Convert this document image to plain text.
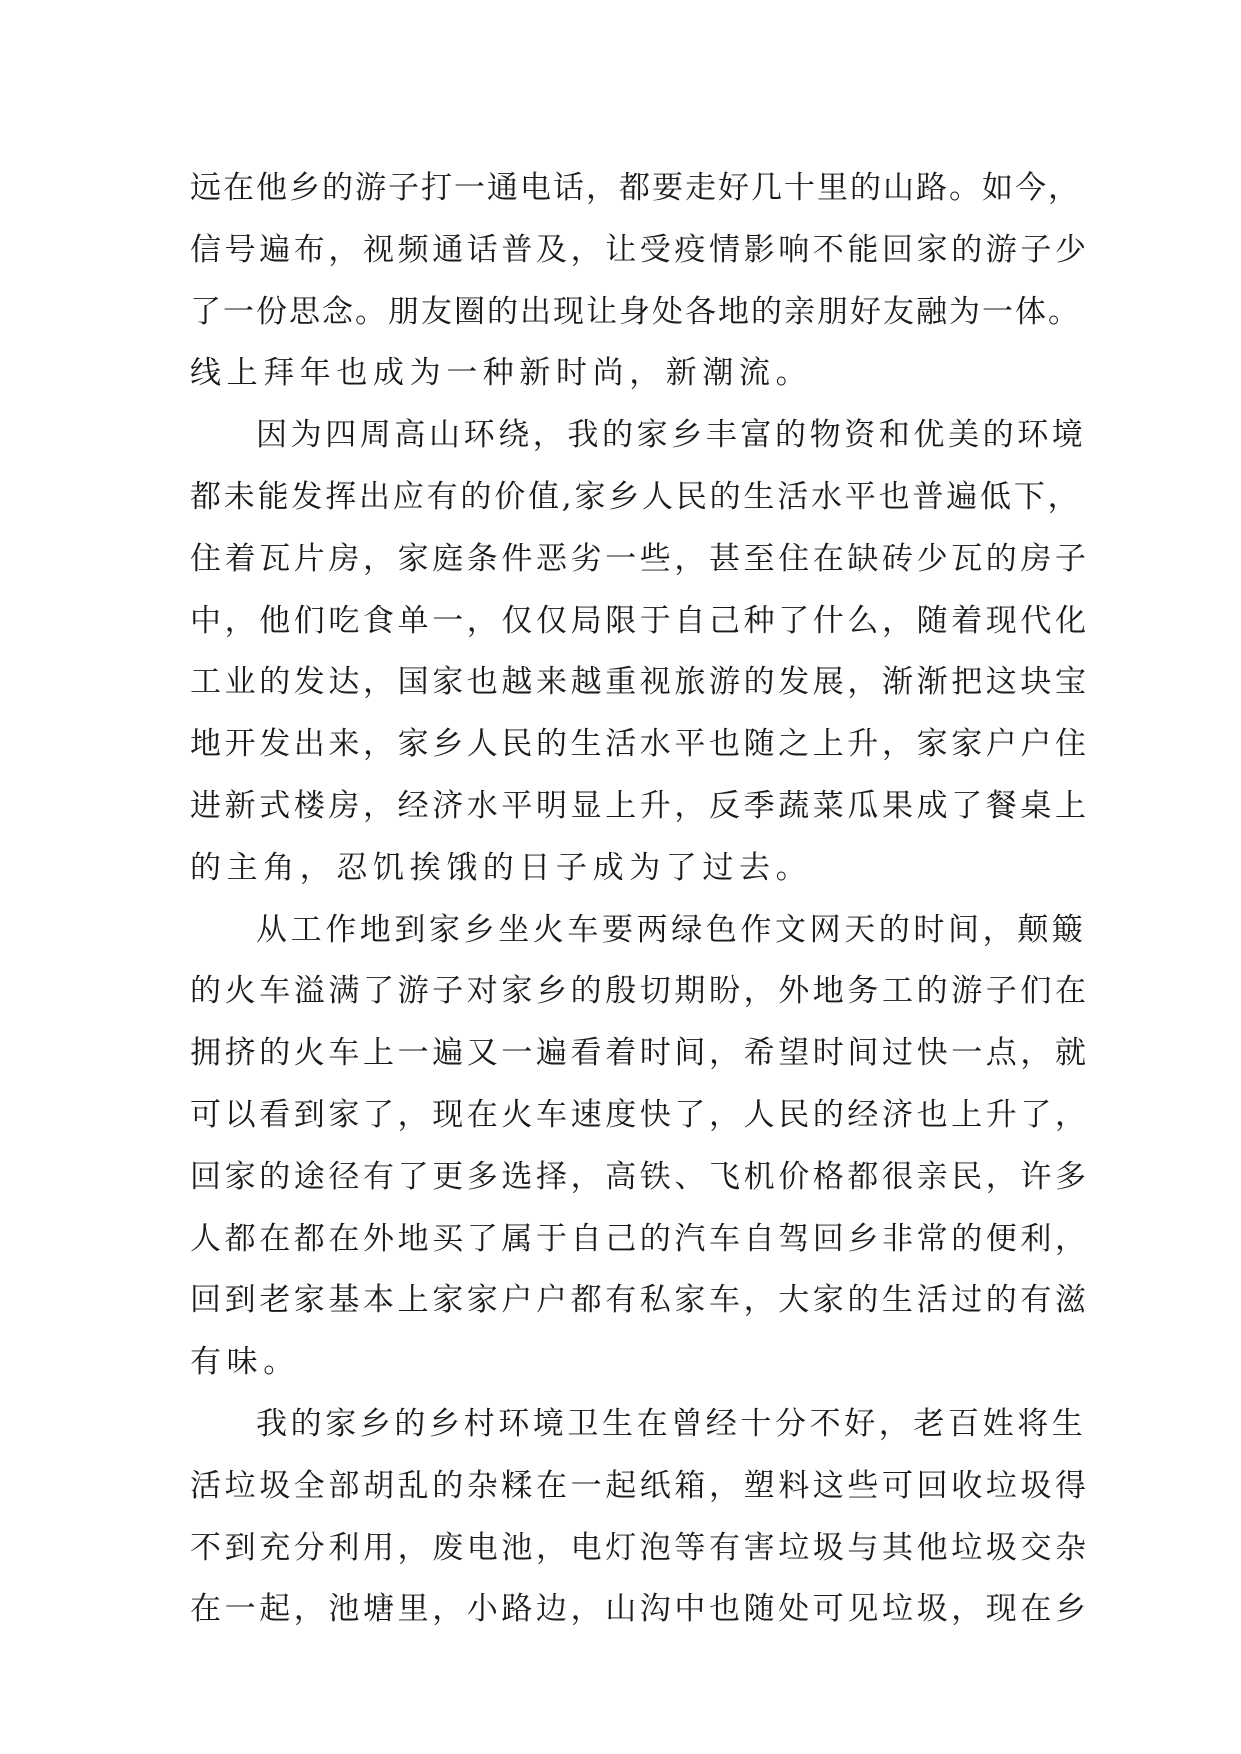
远在他乡的游子打一通电话，都要走好几十里的山路。如今，
信号遍布，视频通话普及，让受疫情影响不能回家的游子少
了一份思念。朋友圈的出现让身处各地的亲朋好友融为一体。
线上拜年也成为一种新时尚，新潮流。
因为四周高山环绕，我的家乡丰富的物资和优美的环境
都未能发挥出应有的价值,家乡人民的生活水平也普遍低下，
住着瓦片房，家庭条件恶劣一些，甚至住在缺砖少瓦的房子
中，他们吃食单一，仅仅局限于自己种了什么，随着现代化
工业的发达，国家也越来越重视旅游的发展，渐渐把这块宝
地开发出来，家乡人民的生活水平也随之上升，家家户户住
进新式楼房，经济水平明显上升，反季蔬菜瓜果成了餐桌上
的主角，忍饥挨饿的日子成为了过去。
从工作地到家乡坐火车要两绿色作文网天的时间，颠簸
的火车溢满了游子对家乡的殷切期盼，外地务工的游子们在
拥挤的火车上一遍又一遍看着时间，希望时间过快一点，就
可以看到家了，现在火车速度快了，人民的经济也上升了，
回家的途径有了更多选择，高铁、飞机价格都很亲民，许多
人都在都在外地买了属于自己的汽车自驾回乡非常的便利，
回到老家基本上家家户户都有私家车，大家的生活过的有滋
有味。
我的家乡的乡村环境卫生在曾经十分不好，老百姓将生
活垃圾全部胡乱的杂糅在一起纸箱，塑料这些可回收垃圾得
不到充分利用，废电池，电灯泡等有害垃圾与其他垃圾交杂
在一起，池塘里，小路边，山沟中也随处可见垃圾，现在乡
